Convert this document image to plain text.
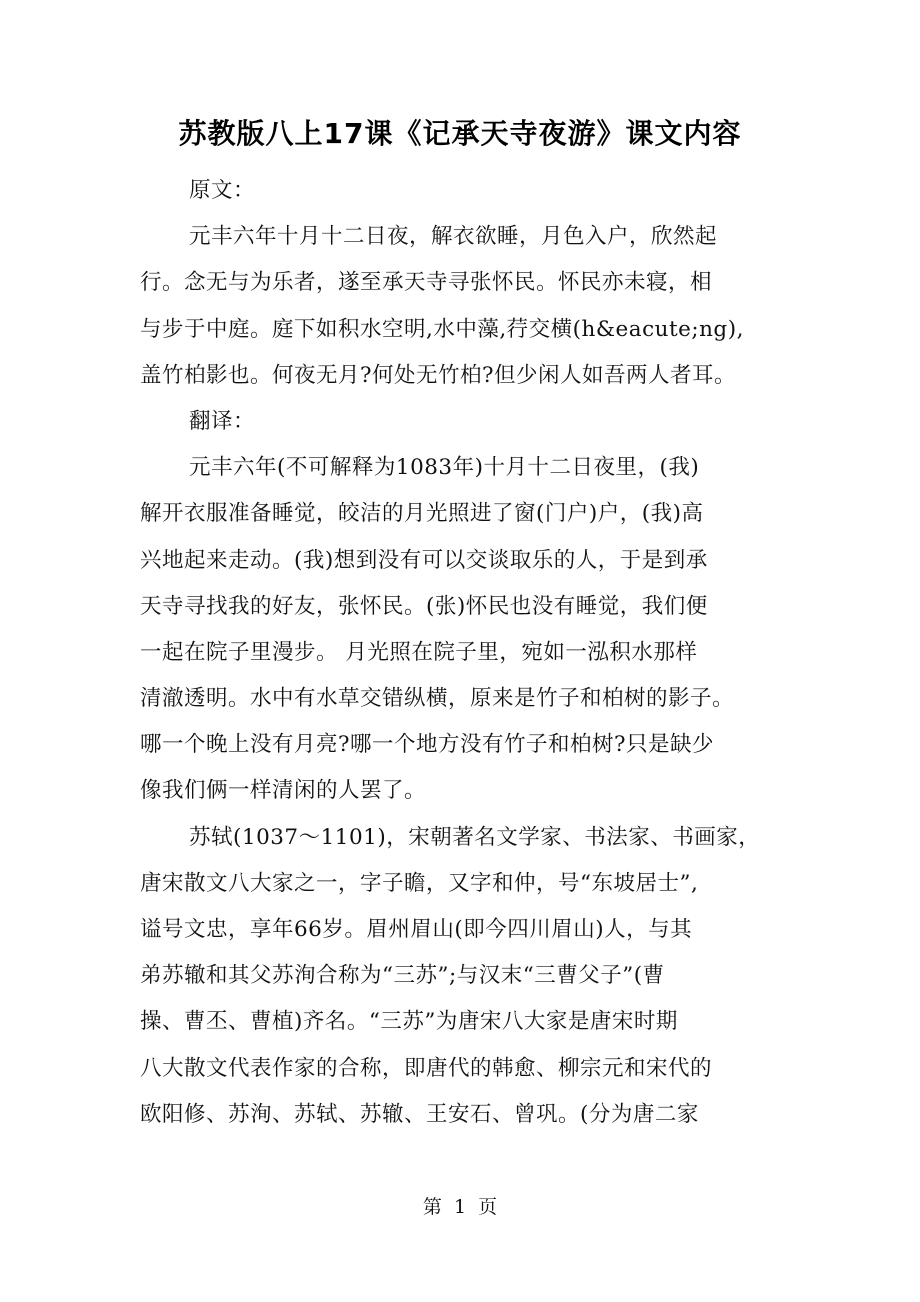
苏教版八上17课《记承天寺夜游》课文内容
原文：
元丰六年十月十二日夜，解衣欲睡，月色入户，欣然起
行。念无与为乐者，遂至承天寺寻张怀民。怀民亦未寝，相
与步于中庭。庭下如积水空明,水中藻,荇交横(h&eacute;ng),
盖竹柏影也。何夜无月?何处无竹柏?但少闲人如吾两人者耳。
翻译：
元丰六年(不可解释为1083年)十月十二日夜里，(我)
解开衣服准备睡觉，皎洁的月光照进了窗(门户)户，(我)高
兴地起来走动。(我)想到没有可以交谈取乐的人，于是到承
天寺寻找我的好友，张怀民。(张)怀民也没有睡觉，我们便
一起在院子里漫步。 月光照在院子里，宛如一泓积水那样
清澈透明。水中有水草交错纵横，原来是竹子和柏树的影子。
哪一个晚上没有月亮?哪一个地方没有竹子和柏树?只是缺少
像我们俩一样清闲的人罢了。
苏轼(1037～1101)，宋朝著名文学家、书法家、书画家，
唐宋散文八大家之一，字子瞻，又字和仲，号“东坡居士”,
谥号文忠，享年66岁。眉州眉山(即今四川眉山)人，与其
弟苏辙和其父苏洵合称为“三苏”;与汉末“三曹父子”(曹
操、曹丕、曹植)齐名。“三苏”为唐宋八大家是唐宋时期
八大散文代表作家的合称，即唐代的韩愈、柳宗元和宋代的
欧阳修、苏洵、苏轼、苏辙、王安石、曾巩。(分为唐二家
第 1 页
